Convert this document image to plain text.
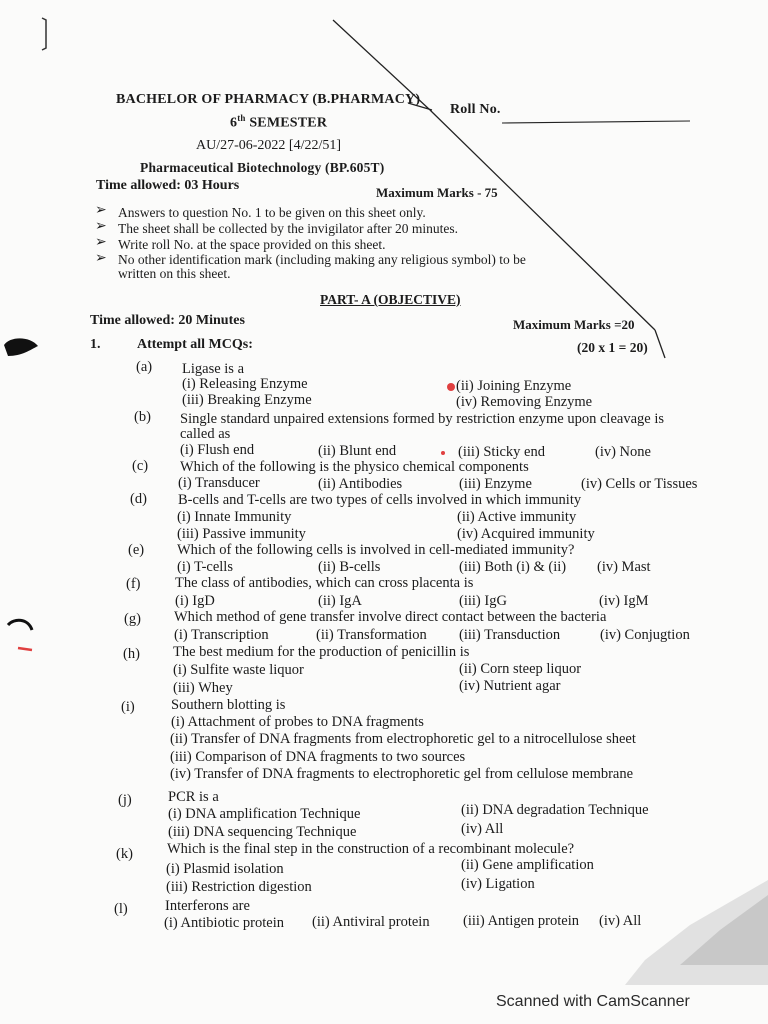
BACHELOR OF PHARMACY (B.PHARMACY)
Roll No.
6th SEMESTER
AU/27-06-2022 [4/22/51]
Pharmaceutical Biotechnology (BP.605T)
Time allowed: 03 Hours	Maximum Marks - 75
➢ Answers to question No. 1 to be given on this sheet only.
➢ The sheet shall be collected by the invigilator after 20 minutes.
➢ Write roll No. at the space provided on this sheet.
➢ No other identification mark (including making any religious symbol) to be
written on this sheet.
PART- A (OBJECTIVE)
Time allowed: 20 Minutes	Maximum Marks =20
1.	Attempt all MCQs:	(20 x 1 = 20)
(a) Ligase is a
(i) Releasing Enzyme	(ii) Joining Enzyme
(iii) Breaking Enzyme	(iv) Removing Enzyme
(b) Single standard unpaired extensions formed by restriction enzyme upon cleavage is
called as
(i) Flush end	(ii) Blunt end	(iii) Sticky end	(iv) None
(c) Which of the following is the physico chemical components
(i) Transducer	(ii) Antibodies	(iii) Enzyme	(iv) Cells or Tissues
(d) B-cells and T-cells are two types of cells involved in which immunity
(i) Innate Immunity	(ii) Active immunity
(iii) Passive immunity	(iv) Acquired immunity
(e) Which of the following cells is involved in cell-mediated immunity?
(i) T-cells	(ii) B-cells	(iii) Both (i) & (ii) (iv) Mast
(f) The class of antibodies, which can cross placenta is
(i) IgD	(ii) IgA	(iii) IgG	(iv) IgM
(g) Which method of gene transfer involve direct contact between the bacteria
(i) Transcription	(ii) Transformation (iii) Transduction	(iv) Conjugtion
(h) The best medium for the production of penicillin is
(i) Sulfite waste liquor	(ii) Corn steep liquor
(iii) Whey	(iv) Nutrient agar
(i)	Southern blotting is
(i) Attachment of probes to DNA fragments
(ii) Transfer of DNA fragments from electrophoretic gel to a nitrocellulose sheet
(iii) Comparison of DNA fragments to two sources
(iv) Transfer of DNA fragments to electrophoretic gel from cellulose membrane
(j)	PCR is a
(i) DNA amplification Technique	(ii) DNA degradation Technique
(iii) DNA sequencing Technique	(iv) All
(k) Which is the final step in the construction of a recombinant molecule?
(i) Plasmid isolation	(ii) Gene amplification
(iii) Restriction digestion	(iv) Ligation
(l)	Interferons are
(i) Antibiotic protein (ii) Antiviral protein (iii) Antigen protein (iv) All
Scanned with CamScanner
